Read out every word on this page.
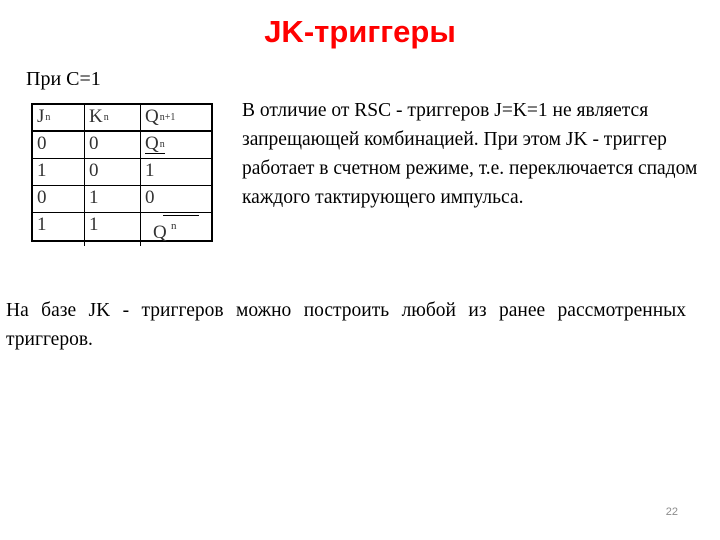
JK-триггеры
При С=1
$J^n$	$K^n$	$Q^{n+1}$
0	0	$Q^n$
1	0	1
0	1	0
1	1	Q n
В отличие от RSC - триггеров J=K=1 не является запрещающей комбинацией. При этом JK - триггер работает в счетном режиме, т.е. переключается спадом каждого тактирующего импульса.
На базе JK - триггеров можно построить любой из ранее рассмотренных триггеров.
22
